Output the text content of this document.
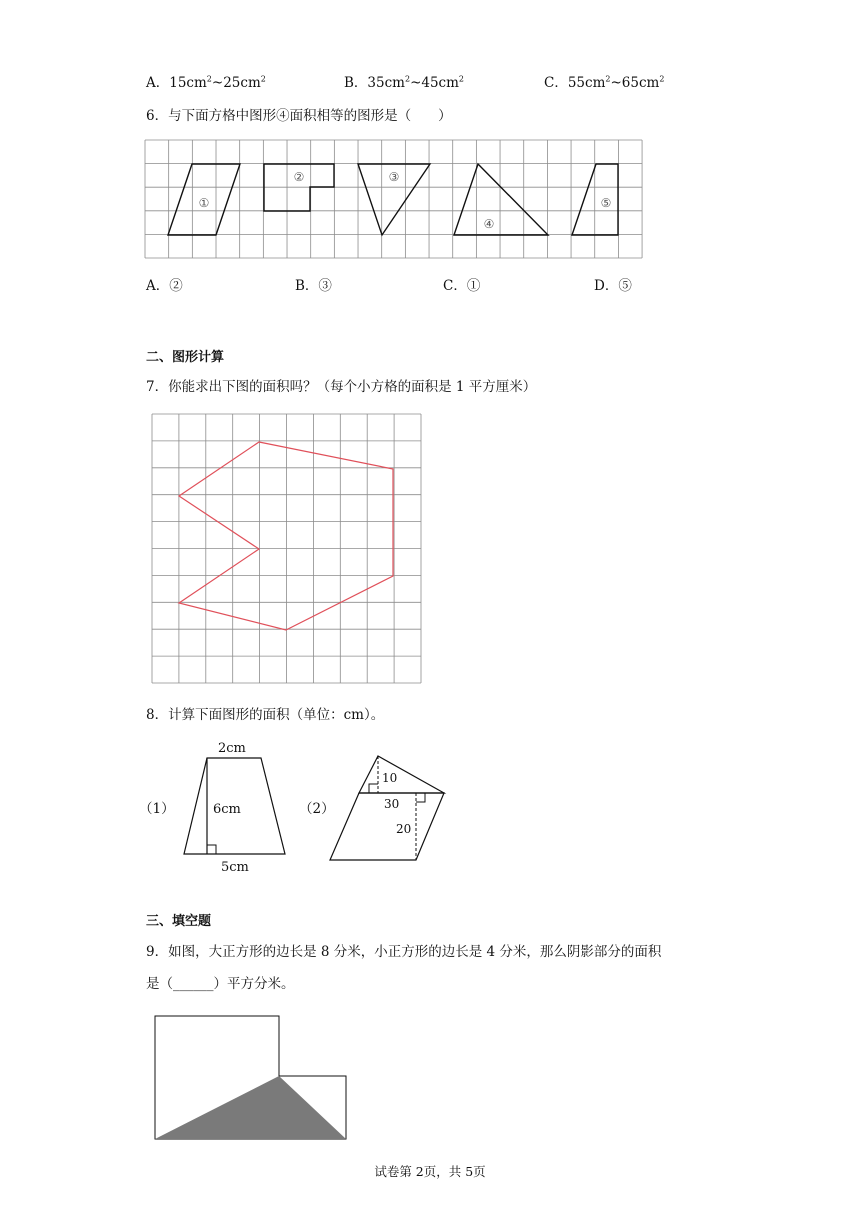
A．$15cm^2\sim 25cm^2$	B．$35cm^2\sim 45cm^2$	C．$55cm^2\sim 65cm^2$
6．与下面方格中图形④面积相等的图形是（　　）
①
②	③
④
⑤
A．②	B．③	C．①	D．⑤
二、图形计算
7．你能求出下图的面积吗？（每个小方格的面积是 1 平方厘米）
8．计算下面图形的面积（单位：cm）。
（1）
2cm
6cm
5cm
（2）
10
30
20
三、填空题
9．如图，大正方形的边长是 8 分米，小正方形的边长是 4 分米，那么阴影部分的面积
是（______）平方分米。
试卷第 2页，共 5页
